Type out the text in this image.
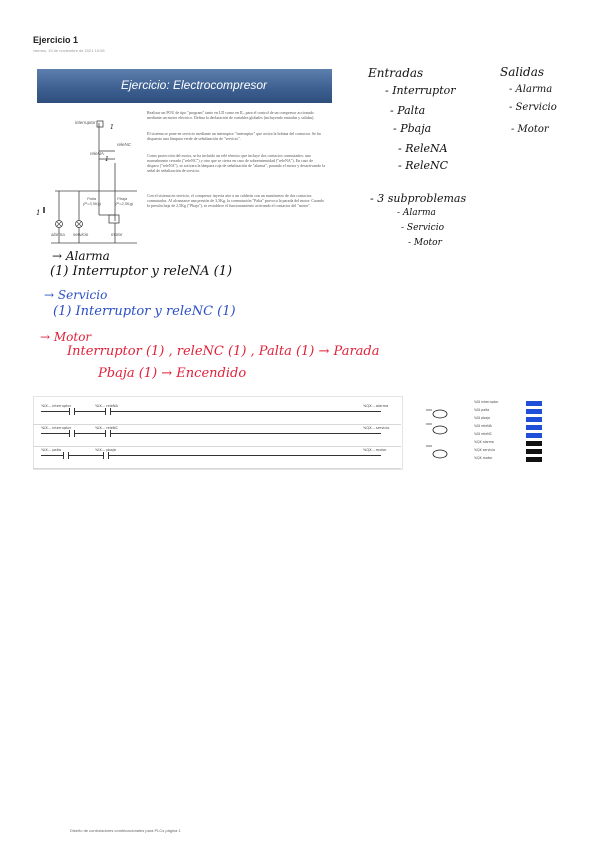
Ejercicio 1
viernes, 19 de noviembre de 2021 10:06
Ejercicio: Electrocompresor
Realizar un POU de tipo "program" tanto en LD como en IL, para el control de un compresor accionado mediante un motor eléctrico. Defina la declaración de variables globales (incluyendo entradas y salidas).
El sistema se pone en servicio mediante un interruptor "interruptor" que activa la bobina del contactor. Se ha dispuesto una lámpara verde de señalización de "servicio".
Como protección del motor, se ha incluido un relé térmico que incluye dos contactos conmutados: uno normalmente cerrado ("releNC") y otro que se cierra en caso de sobreintensidad ("releNA"). En caso de disparo ("releNA"), se activara la lámpara roja de señalización de "alarma", parando el motor y desactivando la señal de señalización de servicio.
Con el sistema en servicio, el compresor inyecta aire a un calderín con un manómetro de dos contactos conmutados. Al alcanzarse una presión de 3,5Kg, la conmutación "Palta" provoca la parada del motor. Cuando la presión baja de 2,5Kg ("Pbaja"), se restablece el funcionamiento activando el contactor del "motor".
interruptor
releNA
releNC
Palta
(P=3,5Kg)
Pbaja
(P=2,5Kg)
alarma servicio	motor
1
1
1
Entradas
- Interruptor
- Palta
- Pbaja
- ReleNA
- ReleNC
Salidas
- Alarma
- Servicio
- Motor
- 3 subproblemas
- Alarma
- Servicio
- Motor
→ Alarma
(1) Interruptor y releNA (1)
→ Servicio
(1) Interruptor y releNC (1)
→ Motor
Interruptor (1) , releNC (1) , Palta (1) → Parada
Pbaja (1) → Encendido
%IX... interruptor	%IX... releNA	%QX... alarma
%IX... interruptor	%IX... releNC	%QX... servicio
%IX... palta	%IX... pbaja	%QX... motor
%IX interruptor
%IX palta
%IX pbaja
%IX releNA
%IX releNC
%QX alarma
%QX servicio
%QX motor
Diseño de controladores combinacionales para PLCs página 1
